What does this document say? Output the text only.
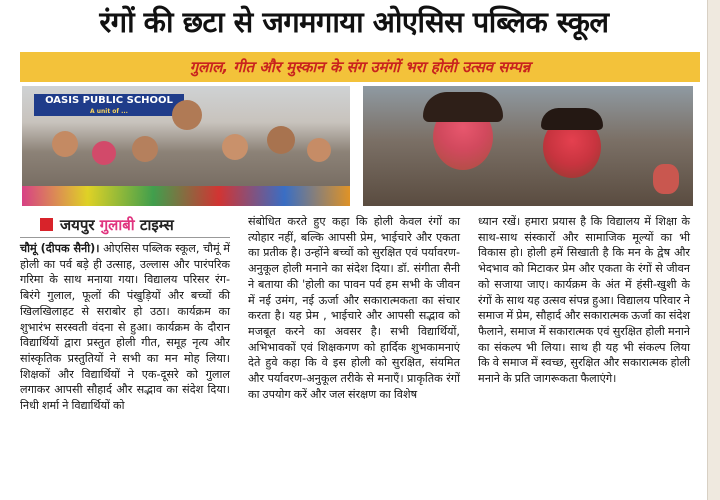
रंगों की छटा से जगमगाया ओएसिस पब्लिक स्कूल
गुलाल, गीत और मुस्कान के संग उमंगों भरा होली उत्सव सम्पन्न
OASIS PUBLIC SCHOOL
A unit of ...
जयपुर गुलाबी टाइम्स

चौमूं (दीपक सैनी)। ओएसिस पब्लिक स्कूल, चौमूं में होली का पर्व बड़े ही उत्साह, उल्लास और पारंपरिक गरिमा के साथ मनाया गया। विद्यालय परिसर रंग-बिरंगे गुलाल, फूलों की पंखुड़ियों और बच्चों की खिलखिलाहट से सराबोर हो उठा। कार्यक्रम का शुभारंभ सरस्वती वंदना से हुआ। कार्यक्रम के दौरान विद्यार्थियों द्वारा प्रस्तुत होली गीत, समूह नृत्य और सांस्कृतिक प्रस्तुतियों ने सभी का मन मोह लिया। शिक्षकों और विद्यार्थियों ने एक-दूसरे को गुलाल लगाकर आपसी सौहार्द और सद्भाव का संदेश दिया। निधी शर्मा ने विद्यार्थियों को

संबोधित करते हुए कहा कि होली केवल रंगों का त्योहार नहीं, बल्कि आपसी प्रेम, भाईचारे और एकता का प्रतीक है। उन्होंने बच्चों को सुरक्षित एवं पर्यावरण-अनुकूल होली मनाने का संदेश दिया। डॉ. संगीता सैनी ने बताया की 'होली का पावन पर्व हम सभी के जीवन में नई उमंग, नई ऊर्जा और सकारात्मकता का संचार करता है। यह प्रेम , भाईचारे और आपसी सद्भाव को मजबूत करने का अवसर है। सभी विद्यार्थियों, अभिभावकों एवं शिक्षकगण को हार्दिक शुभकामनाएं देते हुवे कहा कि वे इस होली को सुरक्षित, संयमित और पर्यावरण-अनुकूल तरीके से मनाएँ। प्राकृतिक रंगों का उपयोग करें और जल संरक्षण का विशेष

ध्यान रखें। हमारा प्रयास है कि विद्यालय में शिक्षा के साथ-साथ संस्कारों और सामाजिक मूल्यों का भी विकास हो। होली हमें सिखाती है कि मन के द्वेष और भेदभाव को मिटाकर प्रेम और एकता के रंगों से जीवन को सजाया जाए। कार्यक्रम के अंत में हंसी-खुशी के रंगों के साथ यह उत्सव संपन्न हुआ। विद्यालय परिवार ने समाज में प्रेम, सौहार्द और सकारात्मक ऊर्जा का संदेश फैलाने, समाज में सकारात्मक एवं सुरक्षित होली मनाने का संकल्प भी लिया। साथ ही यह भी संकल्प लिया कि वे समाज में स्वच्छ, सुरक्षित और सकारात्मक होली मनाने के प्रति जागरूकता फैलाएंगे।
